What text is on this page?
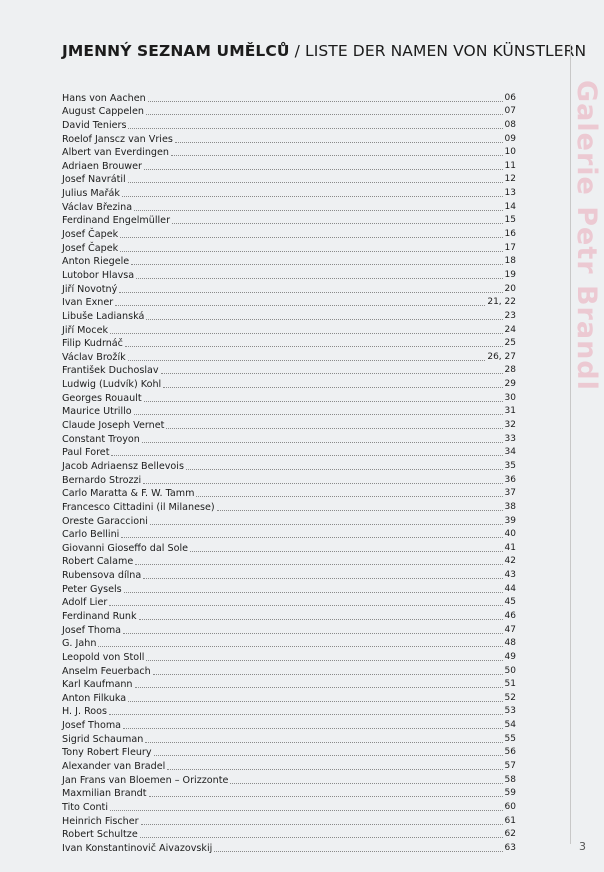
JMENNÝ SEZNAM UMĚLCŮ / LISTE DER NAMEN VON KÜNSTLERN
Hans von Aachen	06
August Cappelen	07
David Teniers	08
Roelof Janscz van Vries	09
Albert van Everdingen	10
Adriaen Brouwer	11
Josef Navrátil	12
Julius Mařák	13
Václav Březina	14
Ferdinand Engelmüller	15
Josef Čapek	16
Josef Čapek	17
Anton Riegele	18
Lutobor Hlavsa	19
Jiří Novotný	20
Ivan Exner	21, 22
Libuše Ladianská	23
Jiří Mocek	24
Filip Kudrnáč	25
Václav Brožík	26, 27
František Duchoslav	28
Ludwig (Ludvík) Kohl	29
Georges Rouault	30
Maurice Utrillo	31
Claude Joseph Vernet	32
Constant Troyon	33
Paul Foret	34
Jacob Adriaensz Bellevois	35
Bernardo Strozzi	36
Carlo Maratta & F. W. Tamm	37
Francesco Cittadini (il Milanese)	38
Oreste Garaccioni	39
Carlo Bellini	40
Giovanni Gioseffo dal Sole	41
Robert Calame	42
Rubensova dílna	43
Peter Gysels	44
Adolf Lier	45
Ferdinand Runk	46
Josef Thoma	47
G. Jahn	48
Leopold von Stoll	49
Anselm Feuerbach	50
Karl Kaufmann	51
Anton Filkuka	52
H. J. Roos	53
Josef Thoma	54
Sigrid Schauman	55
Tony Robert Fleury	56
Alexander van Bradel	57
Jan Frans van Bloemen – Orizzonte	58
Maxmilian Brandt	59
Tito Conti	60
Heinrich Fischer	61
Robert Schultze	62
Ivan Konstantinovič Aivazovskij	63
Galerie Petr Brandl
3
